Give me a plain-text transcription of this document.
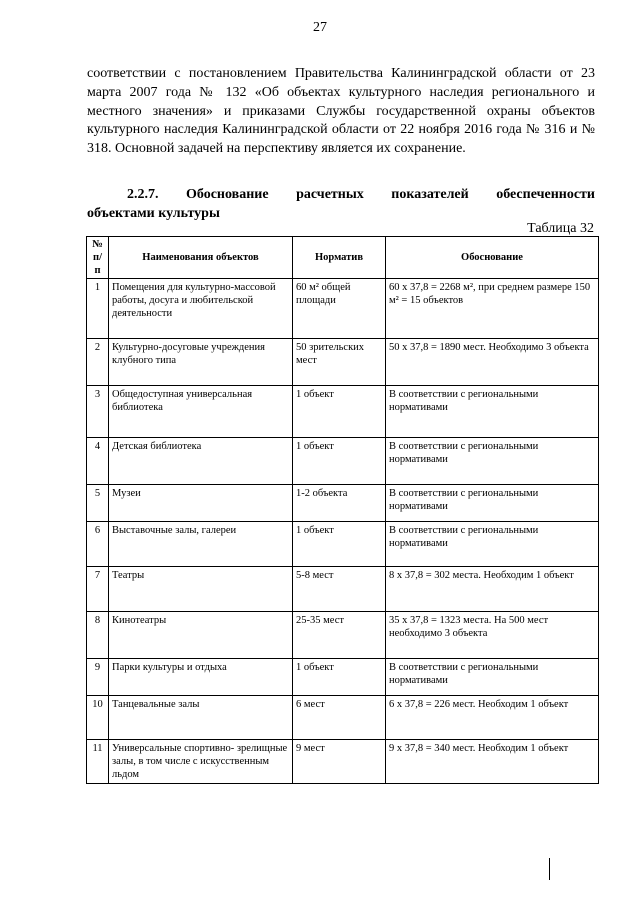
27

соответствии с постановлением Правительства Калининградской области от 23 марта 2007 года № 132 «Об объектах культурного наследия регионального и местного значения» и приказами Службы государственной охраны объектов культурного наследия Калининградской области от 22 ноября 2016 года № 316 и № 318. Основной задачей на перспективу является их сохранение.

2.2.7. Обоснование расчетных показателей обеспеченности
объектами культуры
Таблица 32
№ п/п	Наименования объектов	Норматив	Обоснование
1	Помещения для культурно-массовой работы, досуга и любительской деятельности	60 м² общей площади	60 х 37,8 = 2268 м², при среднем размере 150 м² = 15 объектов
2	Культурно-досуговые учреждения клубного типа	50 зрительских мест	50 х 37,8 = 1890 мест. Необходимо 3 объекта
3	Общедоступная универсальная библиотека	1 объект	В соответствии с региональными нормативами
4	Детская библиотека	1 объект	В соответствии с региональными нормативами
5	Музеи	1-2 объекта	В соответствии с региональными нормативами
6	Выставочные залы, галереи	1 объект	В соответствии с региональными нормативами
7	Театры	5-8 мест	8 х 37,8 = 302 места. Необходим 1 объект
8	Кинотеатры	25-35 мест	35 х 37,8 = 1323 места. На 500 мест необходимо 3 объекта
9	Парки культуры и отдыха	1 объект	В соответствии с региональными нормативами
10	Танцевальные залы	6 мест	6 х 37,8 = 226 мест. Необходим 1 объект
11	Универсальные спортивно- зрелищные залы, в том числе с искусственным льдом	9 мест	9 х 37,8 = 340 мест. Необходим 1 объект
